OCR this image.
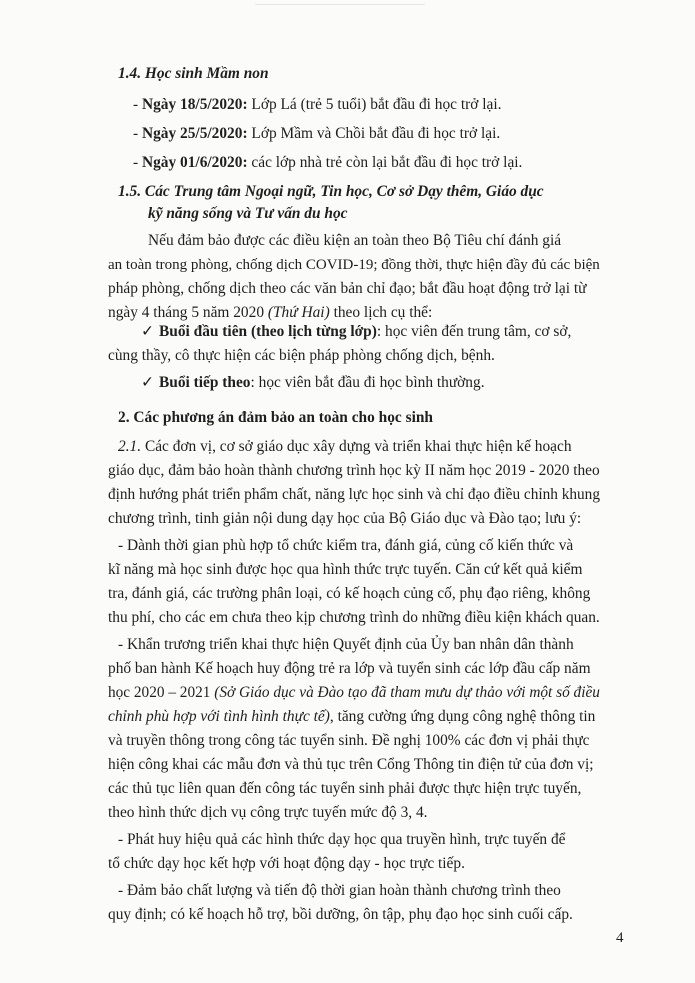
1.4. Học sinh Mầm non
- Ngày 18/5/2020: Lớp Lá (trẻ 5 tuổi) bắt đầu đi học trở lại.
- Ngày 25/5/2020: Lớp Mầm và Chồi bắt đầu đi học trở lại.
- Ngày 01/6/2020: các lớp nhà trẻ còn lại bắt đầu đi học trở lại.
1.5. Các Trung tâm Ngoại ngữ, Tin học, Cơ sở Dạy thêm, Giáo dục
kỹ năng sống và Tư vấn du học
Nếu đảm bảo được các điều kiện an toàn theo Bộ Tiêu chí đánh giá
an toàn trong phòng, chống dịch COVID-19; đồng thời, thực hiện đầy đủ các biện
pháp phòng, chống dịch theo các văn bản chỉ đạo; bắt đầu hoạt động trở lại từ
ngày 4 tháng 5 năm 2020 (Thứ Hai) theo lịch cụ thể:
✓ Buổi đầu tiên (theo lịch từng lớp): học viên đến trung tâm, cơ sở,
cùng thầy, cô thực hiện các biện pháp phòng chống dịch, bệnh.
✓ Buổi tiếp theo: học viên bắt đầu đi học bình thường.
2. Các phương án đảm bảo an toàn cho học sinh
2.1. Các đơn vị, cơ sở giáo dục xây dựng và triển khai thực hiện kế hoạch
giáo dục, đảm bảo hoàn thành chương trình học kỳ II năm học 2019 - 2020 theo
định hướng phát triển phẩm chất, năng lực học sinh và chỉ đạo điều chỉnh khung
chương trình, tinh giản nội dung dạy học của Bộ Giáo dục và Đào tạo; lưu ý:
- Dành thời gian phù hợp tổ chức kiểm tra, đánh giá, củng cố kiến thức và
kĩ năng mà học sinh được học qua hình thức trực tuyến. Căn cứ kết quả kiểm
tra, đánh giá, các trường phân loại, có kế hoạch củng cố, phụ đạo riêng, không
thu phí, cho các em chưa theo kịp chương trình do những điều kiện khách quan.
- Khẩn trương triển khai thực hiện Quyết định của Ủy ban nhân dân thành
phố ban hành Kế hoạch huy động trẻ ra lớp và tuyển sinh các lớp đầu cấp năm
học 2020 – 2021 (Sở Giáo dục và Đào tạo đã tham mưu dự thảo với một số điều
chỉnh phù hợp với tình hình thực tế), tăng cường ứng dụng công nghệ thông tin
và truyền thông trong công tác tuyển sinh. Đề nghị 100% các đơn vị phải thực
hiện công khai các mẫu đơn và thủ tục trên Cổng Thông tin điện tử của đơn vị;
các thủ tục liên quan đến công tác tuyển sinh phải được thực hiện trực tuyến,
theo hình thức dịch vụ công trực tuyến mức độ 3, 4.
- Phát huy hiệu quả các hình thức dạy học qua truyền hình, trực tuyến để
tổ chức dạy học kết hợp với hoạt động dạy - học trực tiếp.
- Đảm bảo chất lượng và tiến độ thời gian hoàn thành chương trình theo
quy định; có kế hoạch hỗ trợ, bồi dưỡng, ôn tập, phụ đạo học sinh cuối cấp.
4
